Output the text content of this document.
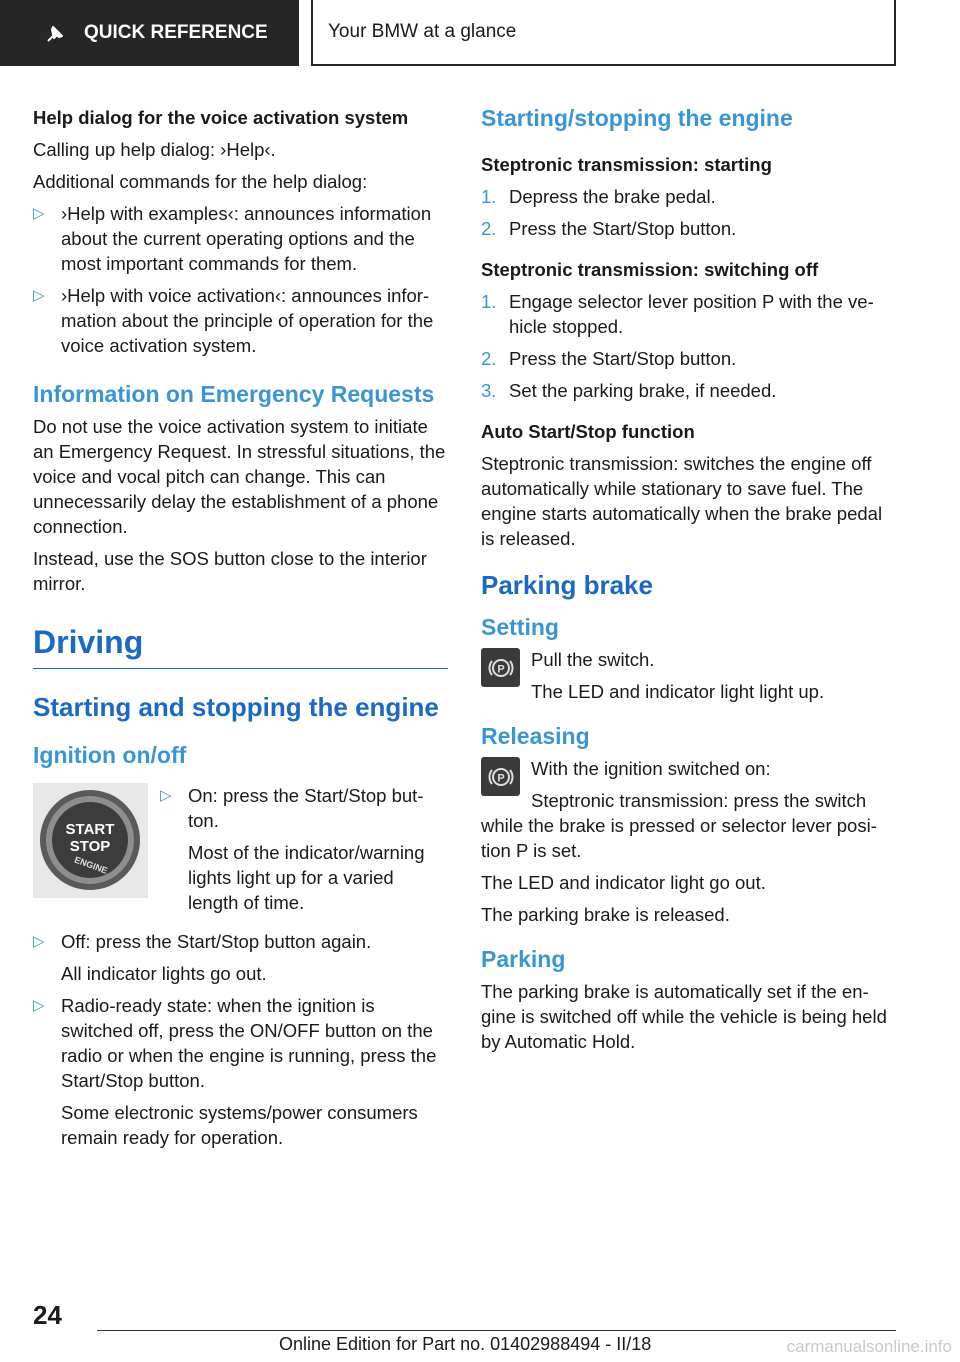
QUICK REFERENCE	Your BMW at a glance
Help dialog for the voice activation system

Calling up help dialog: ›Help‹.

Additional commands for the help dialog:

▷ ›Help with examples‹: announces information about the current operating options and the most important commands for them.

▷ ›Help with voice activation‹: announces infor-mation about the principle of operation for the voice activation system.

Information on Emergency Requests

Do not use the voice activation system to initiate an Emergency Request. In stressful situations, the voice and vocal pitch can change. This can unnecessarily delay the establishment of a phone connection.

Instead, use the SOS button close to the interior mirror.

Driving
Starting and stopping the engine
Ignition on/off
START
STOP
ENGINE
▷ On: press the Start/Stop but-ton.

Most of the indicator/warning lights light up for a varied length of time.

▷ Off: press the Start/Stop button again.

All indicator lights go out.

▷ Radio-ready state: when the ignition is switched off, press the ON/OFF button on the radio or when the engine is running, press the Start/Stop button.

Some electronic systems/power consumers remain ready for operation.

Starting/stopping the engine
Steptronic transmission: starting
1. Depress the brake pedal.

2. Press the Start/Stop button.

Steptronic transmission: switching off
1. Engage selector lever position P with the ve-hicle stopped.

2. Press the Start/Stop button.

3. Set the parking brake, if needed.

Auto Start/Stop function

Steptronic transmission: switches the engine off automatically while stationary to save fuel. The engine starts automatically when the brake pedal is released.

Parking brake
Setting
P Pull the switch.

The LED and indicator light light up.

Releasing
P With the ignition switched on:

Steptronic transmission: press the switch

while the brake is pressed or selector lever posi-tion P is set.

The LED and indicator light go out.

The parking brake is released.

Parking

The parking brake is automatically set if the en-gine is switched off while the vehicle is being held by Automatic Hold.

24
Online Edition for Part no. 01402988494 - II/18	carmanualsonline.info
